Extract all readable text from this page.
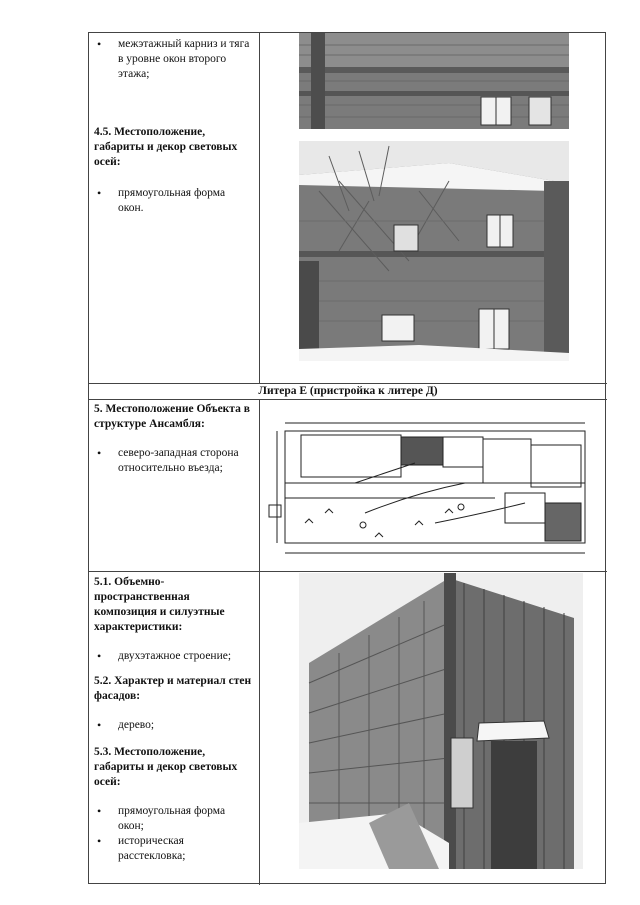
• межэтажный карниз и тяга в уровне окон второго этажа;

4.5. Местоположение, габариты и декор световых осей:

• прямоугольная форма окон.
Литера Е (пристройка к литере Д)

5. Местоположение Объекта в структуре Ансамбля:

• северо-западная сторона относительно въезда;

5.1. Объемно-пространственная композиция и силуэтные характеристики:

• двухэтажное строение;

5.2. Характер и материал стен фасадов:

• дерево;

5.3. Местоположение, габариты и декор световых осей:

• прямоугольная форма окон;
• историческая расстекловка;
